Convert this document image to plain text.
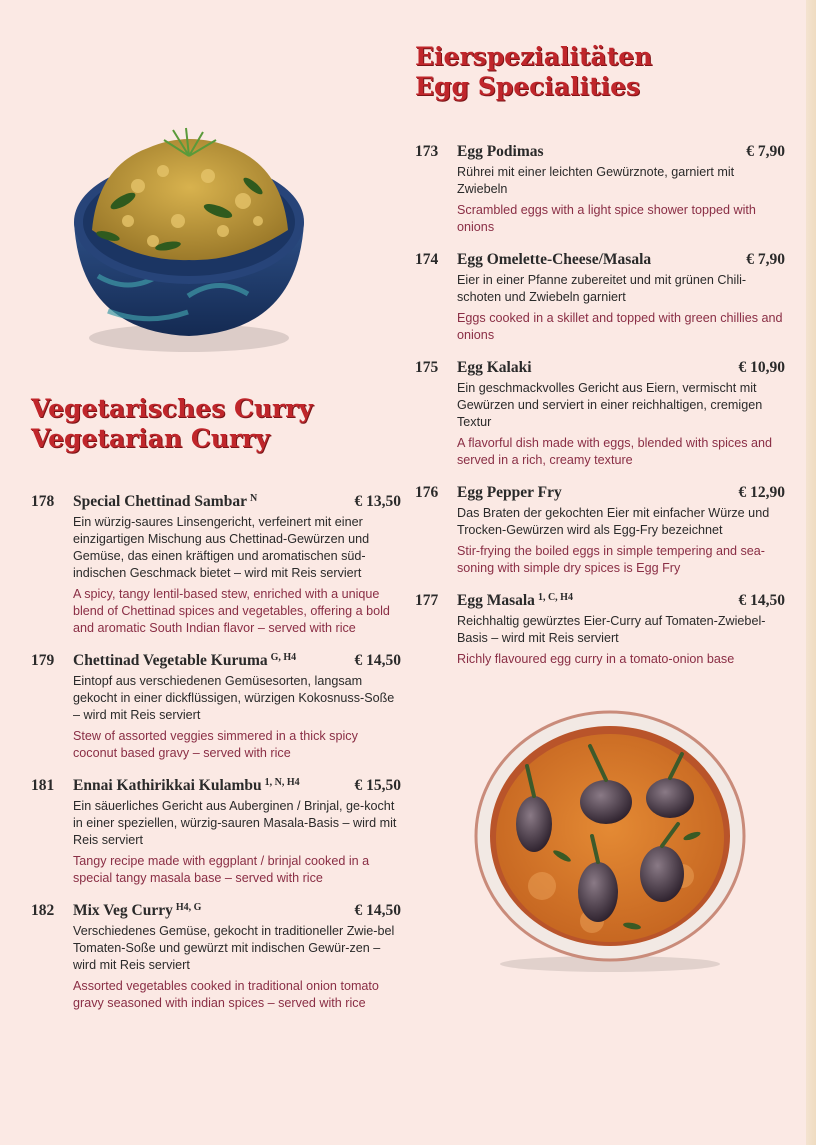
Eierspezialitäten
Egg Specialities
173	Egg Podimas	€ 7,90
Rührei mit einer leichten Gewürznote, garniert mit Zwiebeln
Scrambled eggs with a light spice shower topped with onions
174	Egg Omelette-Cheese/Masala	€ 7,90
Eier in einer Pfanne zubereitet und mit grünen Chili-schoten und Zwiebeln garniert
Eggs cooked in a skillet and topped with green chillies and onions
175	Egg Kalaki	€ 10,90
Ein geschmackvolles Gericht aus Eiern, vermischt mit Gewürzen und serviert in einer reichhaltigen, cremigen Textur
A flavorful dish made with eggs, blended with spices and served in a rich, creamy texture
176	Egg Pepper Fry	€ 12,90
Das Braten der gekochten Eier mit einfacher Würze und Trocken-Gewürzen wird als Egg-Fry bezeichnet
Stir-frying the boiled eggs in simple tempering and sea-soning with simple dry spices is Egg Fry
177	Egg Masala $^{1, C, H4}$	€ 14,50
Reichhaltig gewürztes Eier-Curry auf Tomaten-Zwiebel-Basis – wird mit Reis serviert
Richly flavoured egg curry in a tomato-onion base
Vegetarisches Curry
Vegetarian Curry
178	Special Chettinad Sambar $^N$	€ 13,50
Ein würzig-saures Linsengericht, verfeinert mit einer einzigartigen Mischung aus Chettinad-Gewürzen und Gemüse, das einen kräftigen und aromatischen süd-indischen Geschmack bietet – wird mit Reis serviert
A spicy, tangy lentil-based stew, enriched with a unique blend of Chettinad spices and vegetables, offering a bold and aromatic South Indian flavor – served with rice
179	Chettinad Vegetable Kuruma $^{G, H4}$	€ 14,50
Eintopf aus verschiedenen Gemüsesorten, langsam gekocht in einer dickflüssigen, würzigen Kokosnuss-Soße – wird mit Reis serviert
Stew of assorted veggies simmered in a thick spicy coconut based gravy – served with rice
181	Ennai Kathirikkai Kulambu $^{1, N, H4}$	€ 15,50
Ein säuerliches Gericht aus Auberginen / Brinjal, ge-kocht in einer speziellen, würzig-sauren Masala-Basis – wird mit Reis serviert
Tangy recipe made with eggplant / brinjal cooked in a special tangy masala base – served with rice
182	Mix Veg Curry $^{H4, G}$	€ 14,50
Verschiedenes Gemüse, gekocht in traditioneller Zwie-bel Tomaten-Soße und gewürzt mit indischen Gewür-zen – wird mit Reis serviert
Assorted vegetables cooked in traditional onion tomato gravy seasoned with indian spices – served with rice
